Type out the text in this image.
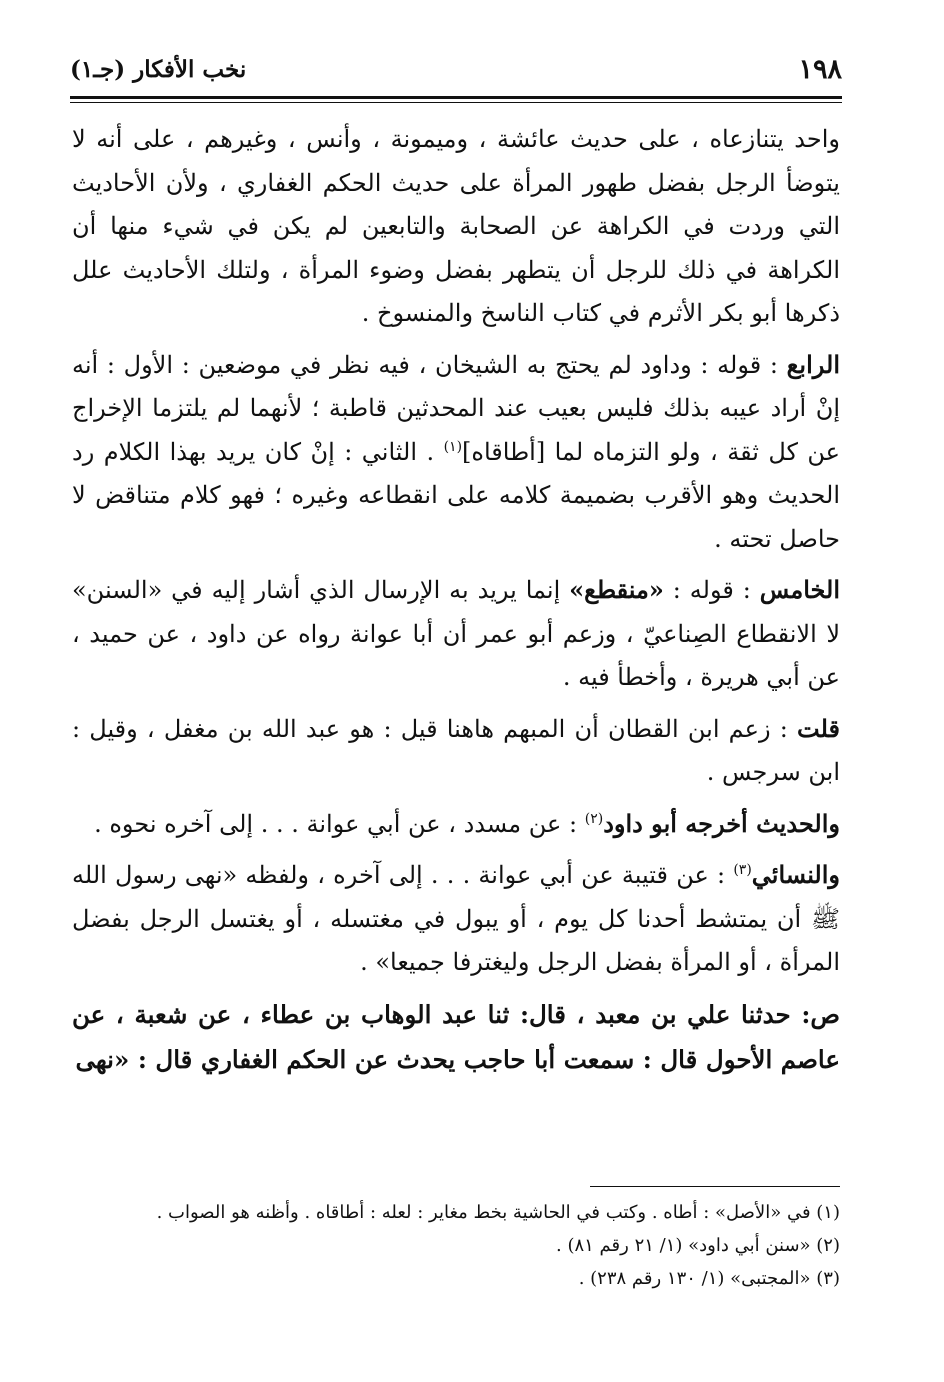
١٩٨
نخب الأفكار (جـ١)

واحد يتنازعاه ، على حديث عائشة ، وميمونة ، وأنس ، وغيرهم ، على أنه لا يتوضأ الرجل بفضل طهور المرأة على حديث الحكم الغفاري ، ولأن الأحاديث التي وردت في الكراهة عن الصحابة والتابعين لم يكن في شيء منها أن الكراهة في ذلك للرجل أن يتطهر بفضل وضوء المرأة ، ولتلك الأحاديث علل ذكرها أبو بكر الأثرم في كتاب الناسخ والمنسوخ .

الرابع : قوله : وداود لم يحتج به الشيخان ، فيه نظر في موضعين : الأول : أنه إنْ أراد عيبه بذلك فليس بعيب عند المحدثين قاطبة ؛ لأنهما لم يلتزما الإخراج عن كل ثقة ، ولو التزماه لما [أطاقاه]$^{(١)}$ . الثاني : إنْ كان يريد بهذا الكلام رد الحديث وهو الأقرب بضميمة كلامه على انقطاعه وغيره ؛ فهو كلام متناقض لا حاصل تحته .

الخامس : قوله : «منقطع» إنما يريد به الإرسال الذي أشار إليه في «السنن» لا الانقطاع الصِناعيّ ، وزعم أبو عمر أن أبا عوانة رواه عن داود ، عن حميد ، عن أبي هريرة ، وأخطأ فيه .

قلت : زعم ابن القطان أن المبهم هاهنا قيل : هو عبد الله بن مغفل ، وقيل : ابن سرجس .

والحديث أخرجه أبو داود$^{(٢)}$ : عن مسدد ، عن أبي عوانة . . . إلى آخره نحوه .

والنسائي$^{(٣)}$ : عن قتيبة عن أبي عوانة . . . إلى آخره ، ولفظه «نهى رسول الله ﷺ أن يمتشط أحدنا كل يوم ، أو يبول في مغتسله ، أو يغتسل الرجل بفضل المرأة ، أو المرأة بفضل الرجل وليغترفا جميعا» .

ص: حدثنا علي بن معبد ، قال: ثنا عبد الوهاب بن عطاء ، عن شعبة ، عن عاصم الأحول قال : سمعت أبا حاجب يحدث عن الحكم الغفاري قال : «نهى

(١) في «الأصل» : أطاه . وكتب في الحاشية بخط مغاير : لعله : أطاقاه . وأظنه هو الصواب .
(٢) «سنن أبي داود» (١/ ٢١ رقم ٨١) .
(٣) «المجتبى» (١/ ١٣٠ رقم ٢٣٨) .
